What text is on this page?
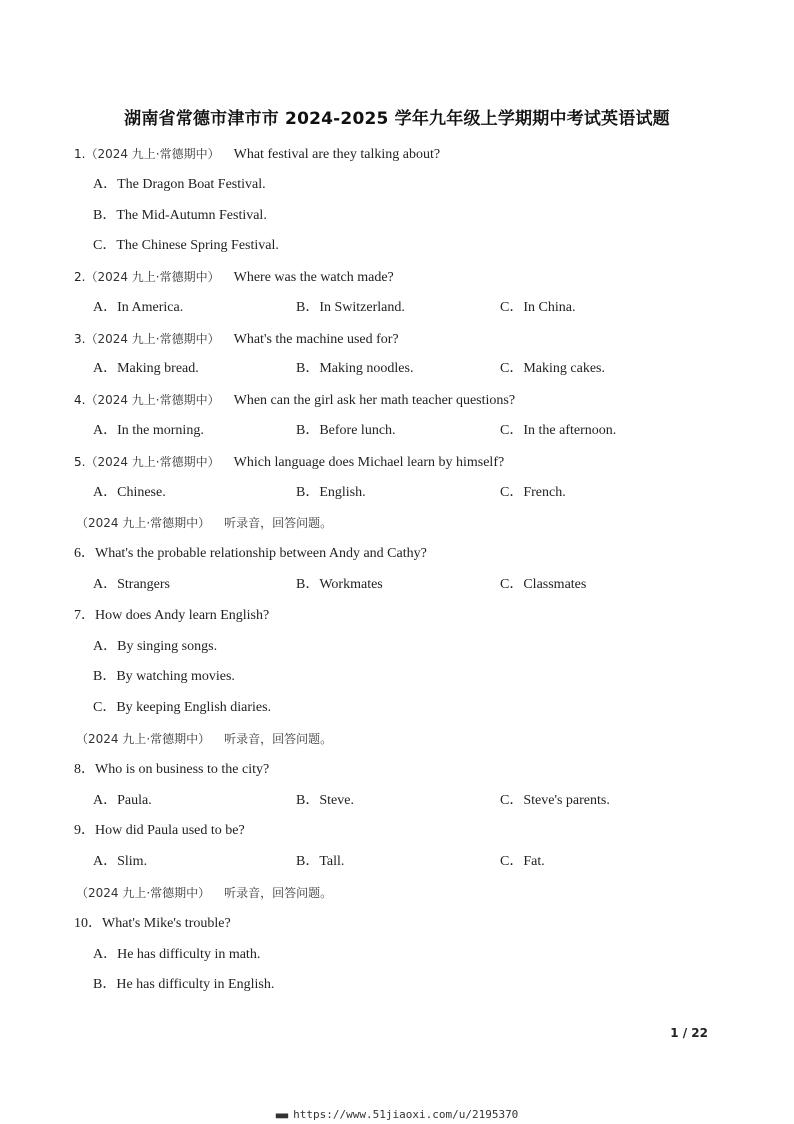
湖南省常德市津市市 2024-2025 学年九年级上学期期中考试英语试题
1.（2024 九上·常德期中） What festival are they talking about?
A．The Dragon Boat Festival.
B．The Mid-Autumn Festival.
C．The Chinese Spring Festival.
2.（2024 九上·常德期中） Where was the watch made?
A．In America.	B．In Switzerland.	C．In China.
3.（2024 九上·常德期中） What's the machine used for?
A．Making bread.	B．Making noodles.	C．Making cakes.
4.（2024 九上·常德期中） When can the girl ask her math teacher questions?
A．In the morning.	B．Before lunch.	C．In the afternoon.
5.（2024 九上·常德期中） Which language does Michael learn by himself?
A．Chinese.	B．English.	C．French.
（2024 九上·常德期中） 听录音，回答问题。
6．What's the probable relationship between Andy and Cathy?
A．Strangers	B．Workmates	C．Classmates
7．How does Andy learn English?
A．By singing songs.
B．By watching movies.
C．By keeping English diaries.
（2024 九上·常德期中） 听录音，回答问题。
8．Who is on business to the city?
A．Paula.	B．Steve.	C．Steve's parents.
9．How did Paula used to be?
A．Slim.	B．Tall.	C．Fat.
（2024 九上·常德期中） 听录音，回答问题。
10．What's Mike's trouble?
A．He has difficulty in math.
B．He has difficulty in English.
1 / 22
■■■ https://www.51jiaoxi.com/u/2195370
